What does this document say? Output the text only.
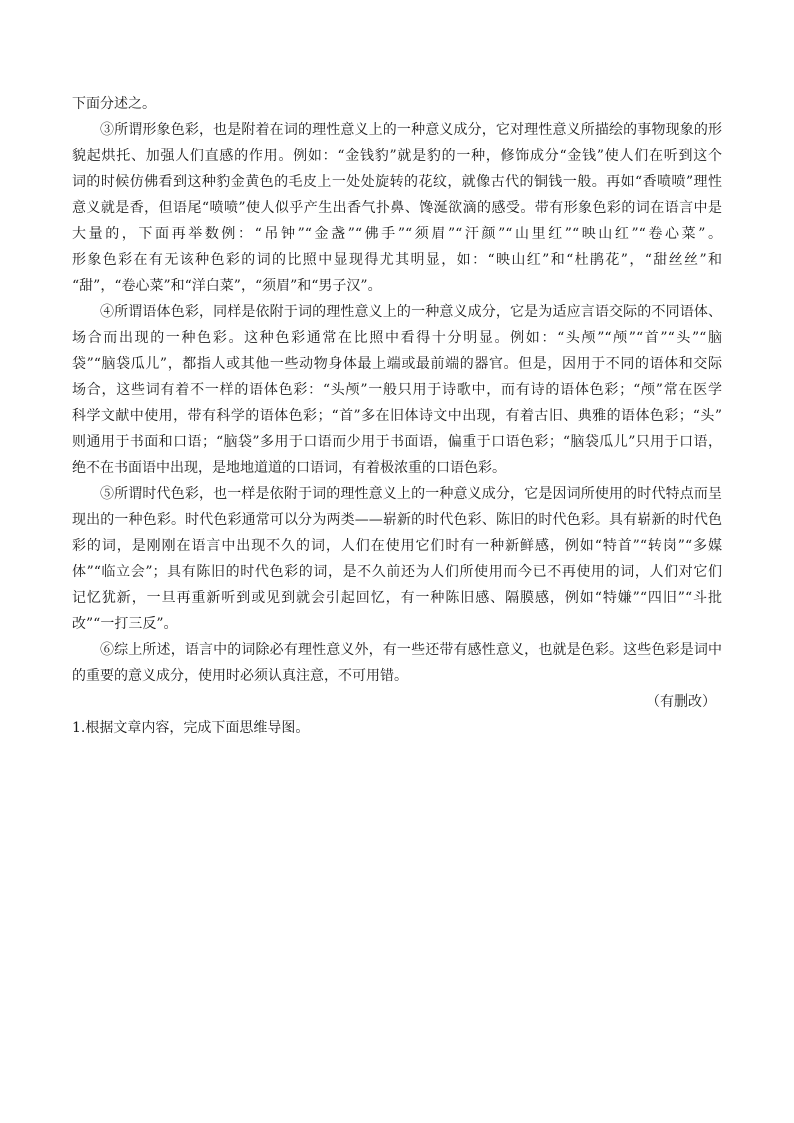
下面分述之。
③所谓形象色彩，也是附着在词的理性意义上的一种意义成分，它对理性意义所描绘的事物现象的形
貌起烘托、加强人们直感的作用。例如：“金钱豹”就是豹的一种，修饰成分“金钱”使人们在听到这个
词的时候仿佛看到这种豹金黄色的毛皮上一处处旋转的花纹，就像古代的铜钱一般。再如“香喷喷”理性
意义就是香，但语尾“喷喷”使人似乎产生出香气扑鼻、馋涎欲滴的感受。带有形象色彩的词在语言中是
大量的，下面再举数例：“吊钟”“金盏”“佛手”“须眉”“汗颜”“山里红”“映山红”“卷心菜”。
形象色彩在有无该种色彩的词的比照中显现得尤其明显，如：“映山红”和“杜鹃花”，“甜丝丝”和
“甜”，“卷心菜”和“洋白菜”，“须眉”和“男子汉”。
④所谓语体色彩，同样是依附于词的理性意义上的一种意义成分，它是为适应言语交际的不同语体、
场合而出现的一种色彩。这种色彩通常在比照中看得十分明显。例如：“头颅”“颅”“首”“头”“脑
袋”“脑袋瓜儿”，都指人或其他一些动物身体最上端或最前端的器官。但是，因用于不同的语体和交际
场合，这些词有着不一样的语体色彩：“头颅”一般只用于诗歌中，而有诗的语体色彩；“颅”常在医学
科学文献中使用，带有科学的语体色彩；“首”多在旧体诗文中出现，有着古旧、典雅的语体色彩；“头”
则通用于书面和口语；“脑袋”多用于口语而少用于书面语，偏重于口语色彩；“脑袋瓜儿”只用于口语，
绝不在书面语中出现，是地地道道的口语词，有着极浓重的口语色彩。
⑤所谓时代色彩，也一样是依附于词的理性意义上的一种意义成分，它是因词所使用的时代特点而呈
现出的一种色彩。时代色彩通常可以分为两类——崭新的时代色彩、陈旧的时代色彩。具有崭新的时代色
彩的词，是刚刚在语言中出现不久的词，人们在使用它们时有一种新鲜感，例如“特首”“转岗”“多媒
体”“临立会”；具有陈旧的时代色彩的词，是不久前还为人们所使用而今已不再使用的词，人们对它们
记忆犹新，一旦再重新听到或见到就会引起回忆，有一种陈旧感、隔膜感，例如“特嫌”“四旧”“斗批
改”“一打三反”。
⑥综上所述，语言中的词除必有理性意义外，有一些还带有感性意义，也就是色彩。这些色彩是词中
的重要的意义成分，使用时必须认真注意，不可用错。
（有删改）
1.根据文章内容，完成下面思维导图。
